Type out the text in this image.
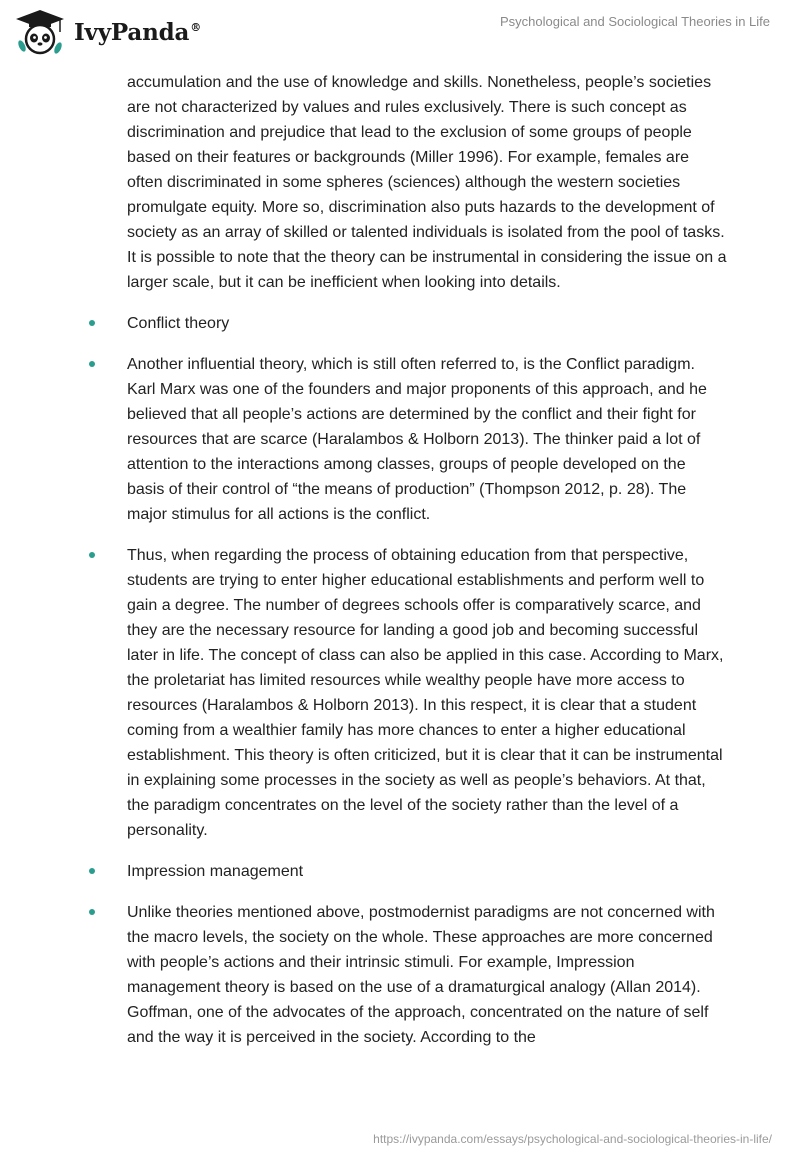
IvyPanda®	Psychological and Sociological Theories in Life

accumulation and the use of knowledge and skills. Nonetheless, people’s societies are not characterized by values and rules exclusively. There is such concept as discrimination and prejudice that lead to the exclusion of some groups of people based on their features or backgrounds (Miller 1996). For example, females are often discriminated in some spheres (sciences) although the western societies promulgate equity. More so, discrimination also puts hazards to the development of society as an array of skilled or talented individuals is isolated from the pool of tasks. It is possible to note that the theory can be instrumental in considering the issue on a larger scale, but it can be inefficient when looking into details.

Conflict theory
Another influential theory, which is still often referred to, is the Conflict paradigm. Karl Marx was one of the founders and major proponents of this approach, and he believed that all people’s actions are determined by the conflict and their fight for resources that are scarce (Haralambos & Holborn 2013). The thinker paid a lot of attention to the interactions among classes, groups of people developed on the basis of their control of “the means of production” (Thompson 2012, p. 28). The major stimulus for all actions is the conflict.
Thus, when regarding the process of obtaining education from that perspective, students are trying to enter higher educational establishments and perform well to gain a degree. The number of degrees schools offer is comparatively scarce, and they are the necessary resource for landing a good job and becoming successful later in life. The concept of class can also be applied in this case. According to Marx, the proletariat has limited resources while wealthy people have more access to resources (Haralambos & Holborn 2013). In this respect, it is clear that a student coming from a wealthier family has more chances to enter a higher educational establishment. This theory is often criticized, but it is clear that it can be instrumental in explaining some processes in the society as well as people’s behaviors. At that, the paradigm concentrates on the level of the society rather than the level of a personality.
Impression management
Unlike theories mentioned above, postmodernist paradigms are not concerned with the macro levels, the society on the whole. These approaches are more concerned with people’s actions and their intrinsic stimuli. For example, Impression management theory is based on the use of a dramaturgical analogy (Allan 2014). Goffman, one of the advocates of the approach, concentrated on the nature of self and the way it is perceived in the society. According to the
https://ivypanda.com/essays/psychological-and-sociological-theories-in-life/
